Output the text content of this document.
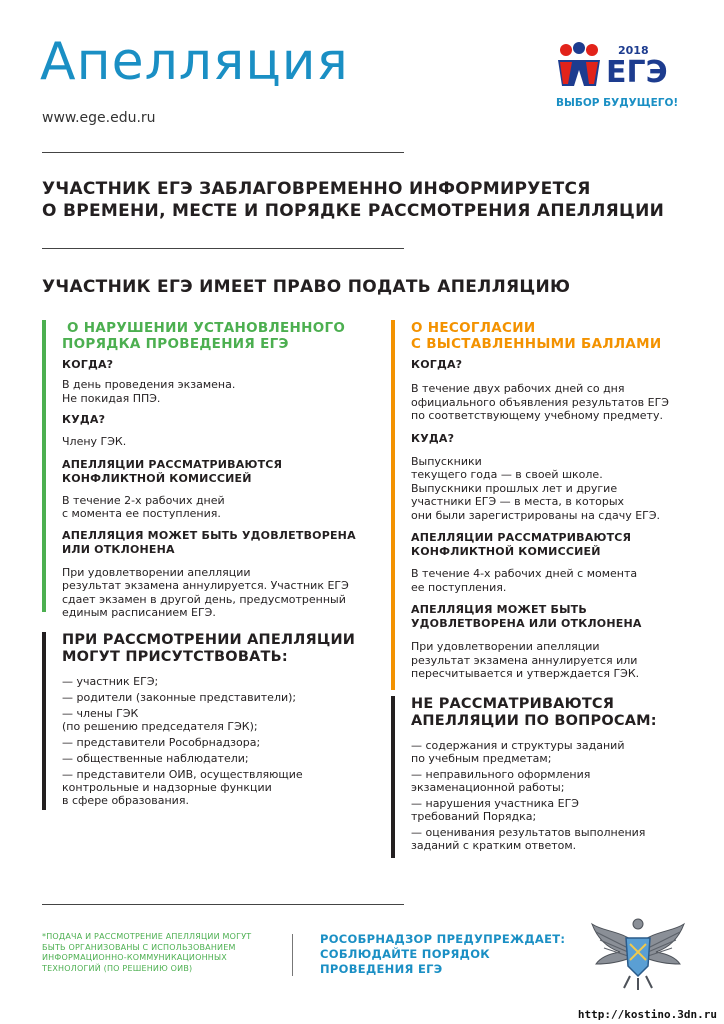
Апелляция
www.ege.edu.ru
2018
ЕГЭ
ВЫБОР БУДУЩЕГО!
УЧАСТНИК ЕГЭ ЗАБЛАГОВРЕМЕННО ИНФОРМИРУЕТСЯ
О ВРЕМЕНИ, МЕСТЕ И ПОРЯДКЕ РАССМОТРЕНИЯ АПЕЛЛЯЦИИ
УЧАСТНИК ЕГЭ ИМЕЕТ ПРАВО ПОДАТЬ АПЕЛЛЯЦИЮ
О НАРУШЕНИИ УСТАНОВЛЕННОГО
ПОРЯДКА ПРОВЕДЕНИЯ ЕГЭ
КОГДА?
В день проведения экзамена.
Не покидая ППЭ.
КУДА?
Члену ГЭК.
АПЕЛЛЯЦИИ РАССМАТРИВАЮТСЯ
КОНФЛИКТНОЙ КОМИССИЕЙ
В течение 2-х рабочих дней
с момента ее поступления.
АПЕЛЛЯЦИЯ МОЖЕТ БЫТЬ УДОВЛЕТВОРЕНА
ИЛИ ОТКЛОНЕНА
При удовлетворении апелляции
результат экзамена аннулируется. Участник ЕГЭ
сдает экзамен в другой день, предусмотренный
единым расписанием ЕГЭ.
ПРИ РАССМОТРЕНИИ АПЕЛЛЯЦИИ
МОГУТ ПРИСУТСТВОВАТЬ:
— участник ЕГЭ;
— родители (законные представители);
— члены ГЭК
(по решению председателя ГЭК);
— представители Рособрнадзора;
— общественные наблюдатели;
— представители ОИВ, осуществляющие
контрольные и надзорные функции
в сфере образования.
О НЕСОГЛАСИИ
С ВЫСТАВЛЕННЫМИ БАЛЛАМИ
КОГДА?
В течение двух рабочих дней со дня
официального объявления результатов ЕГЭ
по соответствующему учебному предмету.
КУДА?
Выпускники
текущего года — в своей школе.
Выпускники прошлых лет и другие
участники ЕГЭ — в места, в которых
они были зарегистрированы на сдачу ЕГЭ.
АПЕЛЛЯЦИИ РАССМАТРИВАЮТСЯ
КОНФЛИКТНОЙ КОМИССИЕЙ
В течение 4-х рабочих дней с момента
ее поступления.
АПЕЛЛЯЦИЯ МОЖЕТ БЫТЬ
УДОВЛЕТВОРЕНА ИЛИ ОТКЛОНЕНА
При удовлетворении апелляции
результат экзамена аннулируется или
пересчитывается и утверждается ГЭК.
НЕ РАССМАТРИВАЮТСЯ
АПЕЛЛЯЦИИ ПО ВОПРОСАМ:
— содержания и структуры заданий
по учебным предметам;
— неправильного оформления
экзаменационной работы;
— нарушения участника ЕГЭ
требований Порядка;
— оценивания результатов выполнения
заданий с кратким ответом.
*ПОДАЧА И РАССМОТРЕНИЕ АПЕЛЛЯЦИИ МОГУТ
БЫТЬ ОРГАНИЗОВАНЫ С ИСПОЛЬЗОВАНИЕМ
ИНФОРМАЦИОННО-КОММУНИКАЦИОННЫХ
ТЕХНОЛОГИЙ (ПО РЕШЕНИЮ ОИВ)
РОСОБРНАДЗОР ПРЕДУПРЕЖДАЕТ:
СОБЛЮДАЙТЕ ПОРЯДОК
ПРОВЕДЕНИЯ ЕГЭ
http://kostino.3dn.ru
